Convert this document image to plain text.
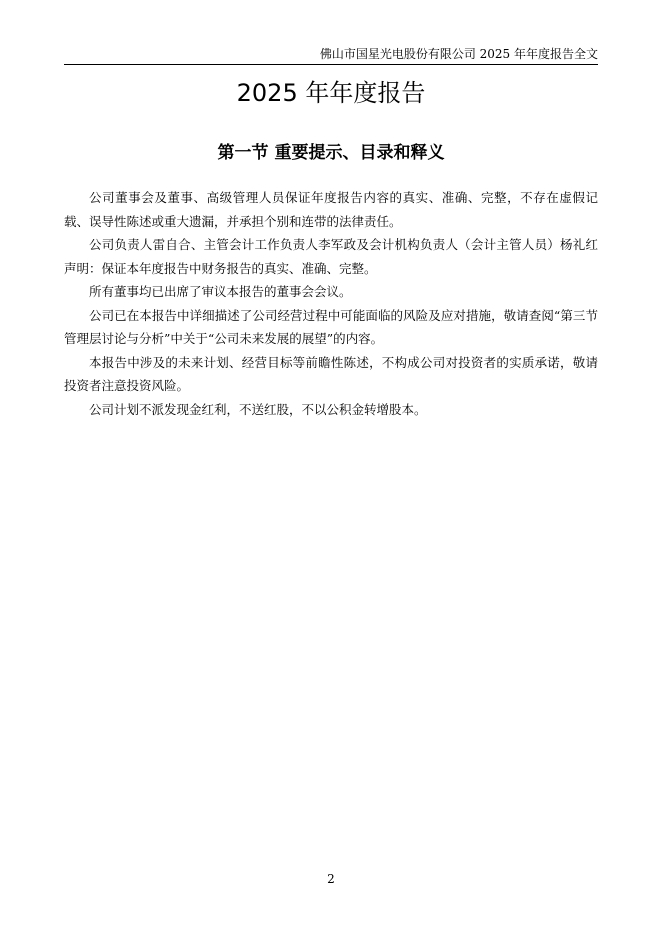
佛山市国星光电股份有限公司 2025 年年度报告全文
2025 年年度报告
第一节 重要提示、目录和释义

公司董事会及董事、高级管理人员保证年度报告内容的真实、准确、完整，不存在虚假记载、误导性陈述或重大遗漏，并承担个别和连带的法律责任。

公司负责人雷自合、主管会计工作负责人李军政及会计机构负责人（会计主管人员）杨礼红声明：保证本年度报告中财务报告的真实、准确、完整。

所有董事均已出席了审议本报告的董事会会议。

公司已在本报告中详细描述了公司经营过程中可能面临的风险及应对措施，敬请查阅“第三节管理层讨论与分析”中关于“公司未来发展的展望”的内容。

本报告中涉及的未来计划、经营目标等前瞻性陈述，不构成公司对投资者的实质承诺，敬请投资者注意投资风险。

公司计划不派发现金红利，不送红股，不以公积金转增股本。

2
